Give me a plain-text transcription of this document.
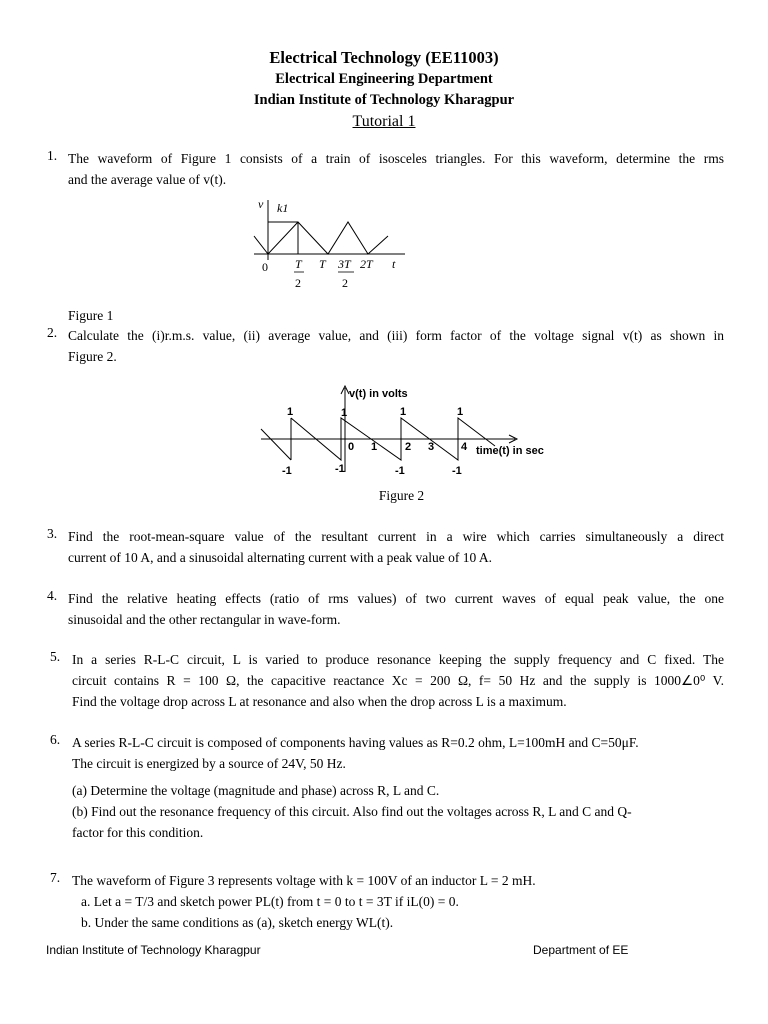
Electrical Technology (EE11003)
Electrical Engineering Department
Indian Institute of Technology Kharagpur
Tutorial 1
1. The waveform of Figure 1 consists of a train of isosceles triangles. For this waveform, determine the rms
and the average value of v(t).
v k1
0 T
2
T 3T
2
2T t
Figure 1
2. Calculate the (i)r.m.s. value, (ii) average value, and (iii) form factor of the voltage signal v(t) as shown in
Figure 2.
v(t) in volts
time(t) in sec
1	1	1	1
-1	-1	-1	-1
0 1	2 3 4
Figure 2
3. Find the root-mean-square value of the resultant current in a wire which carries simultaneously a direct
current of 10 A, and a sinusoidal alternating current with a peak value of 10 A.
4. Find the relative heating effects (ratio of rms values) of two current waves of equal peak value, the one
sinusoidal and the other rectangular in wave-form.
5. In a series R-L-C circuit, L is varied to produce resonance keeping the supply frequency and C fixed. The
circuit contains R = 100 Ω, the capacitive reactance Xc = 200 Ω, f= 50 Hz and the supply is 1000∠0⁰ V.
Find the voltage drop across L at resonance and also when the drop across L is a maximum.
6. A series R-L-C circuit is composed of components having values as R=0.2 ohm, L=100mH and C=50μF.
The circuit is energized by a source of 24V, 50 Hz.
(a) Determine the voltage (magnitude and phase) across R, L and C.
(b) Find out the resonance frequency of this circuit. Also find out the voltages across R, L and C and Q-
factor for this condition.
7. The waveform of Figure 3 represents voltage with k = 100V of an inductor L = 2 mH.
a. Let a = T/3 and sketch power PL(t) from t = 0 to t = 3T if iL(0) = 0.
b. Under the same conditions as (a), sketch energy WL(t).
Indian Institute of Technology Kharagpur	Department of EE
